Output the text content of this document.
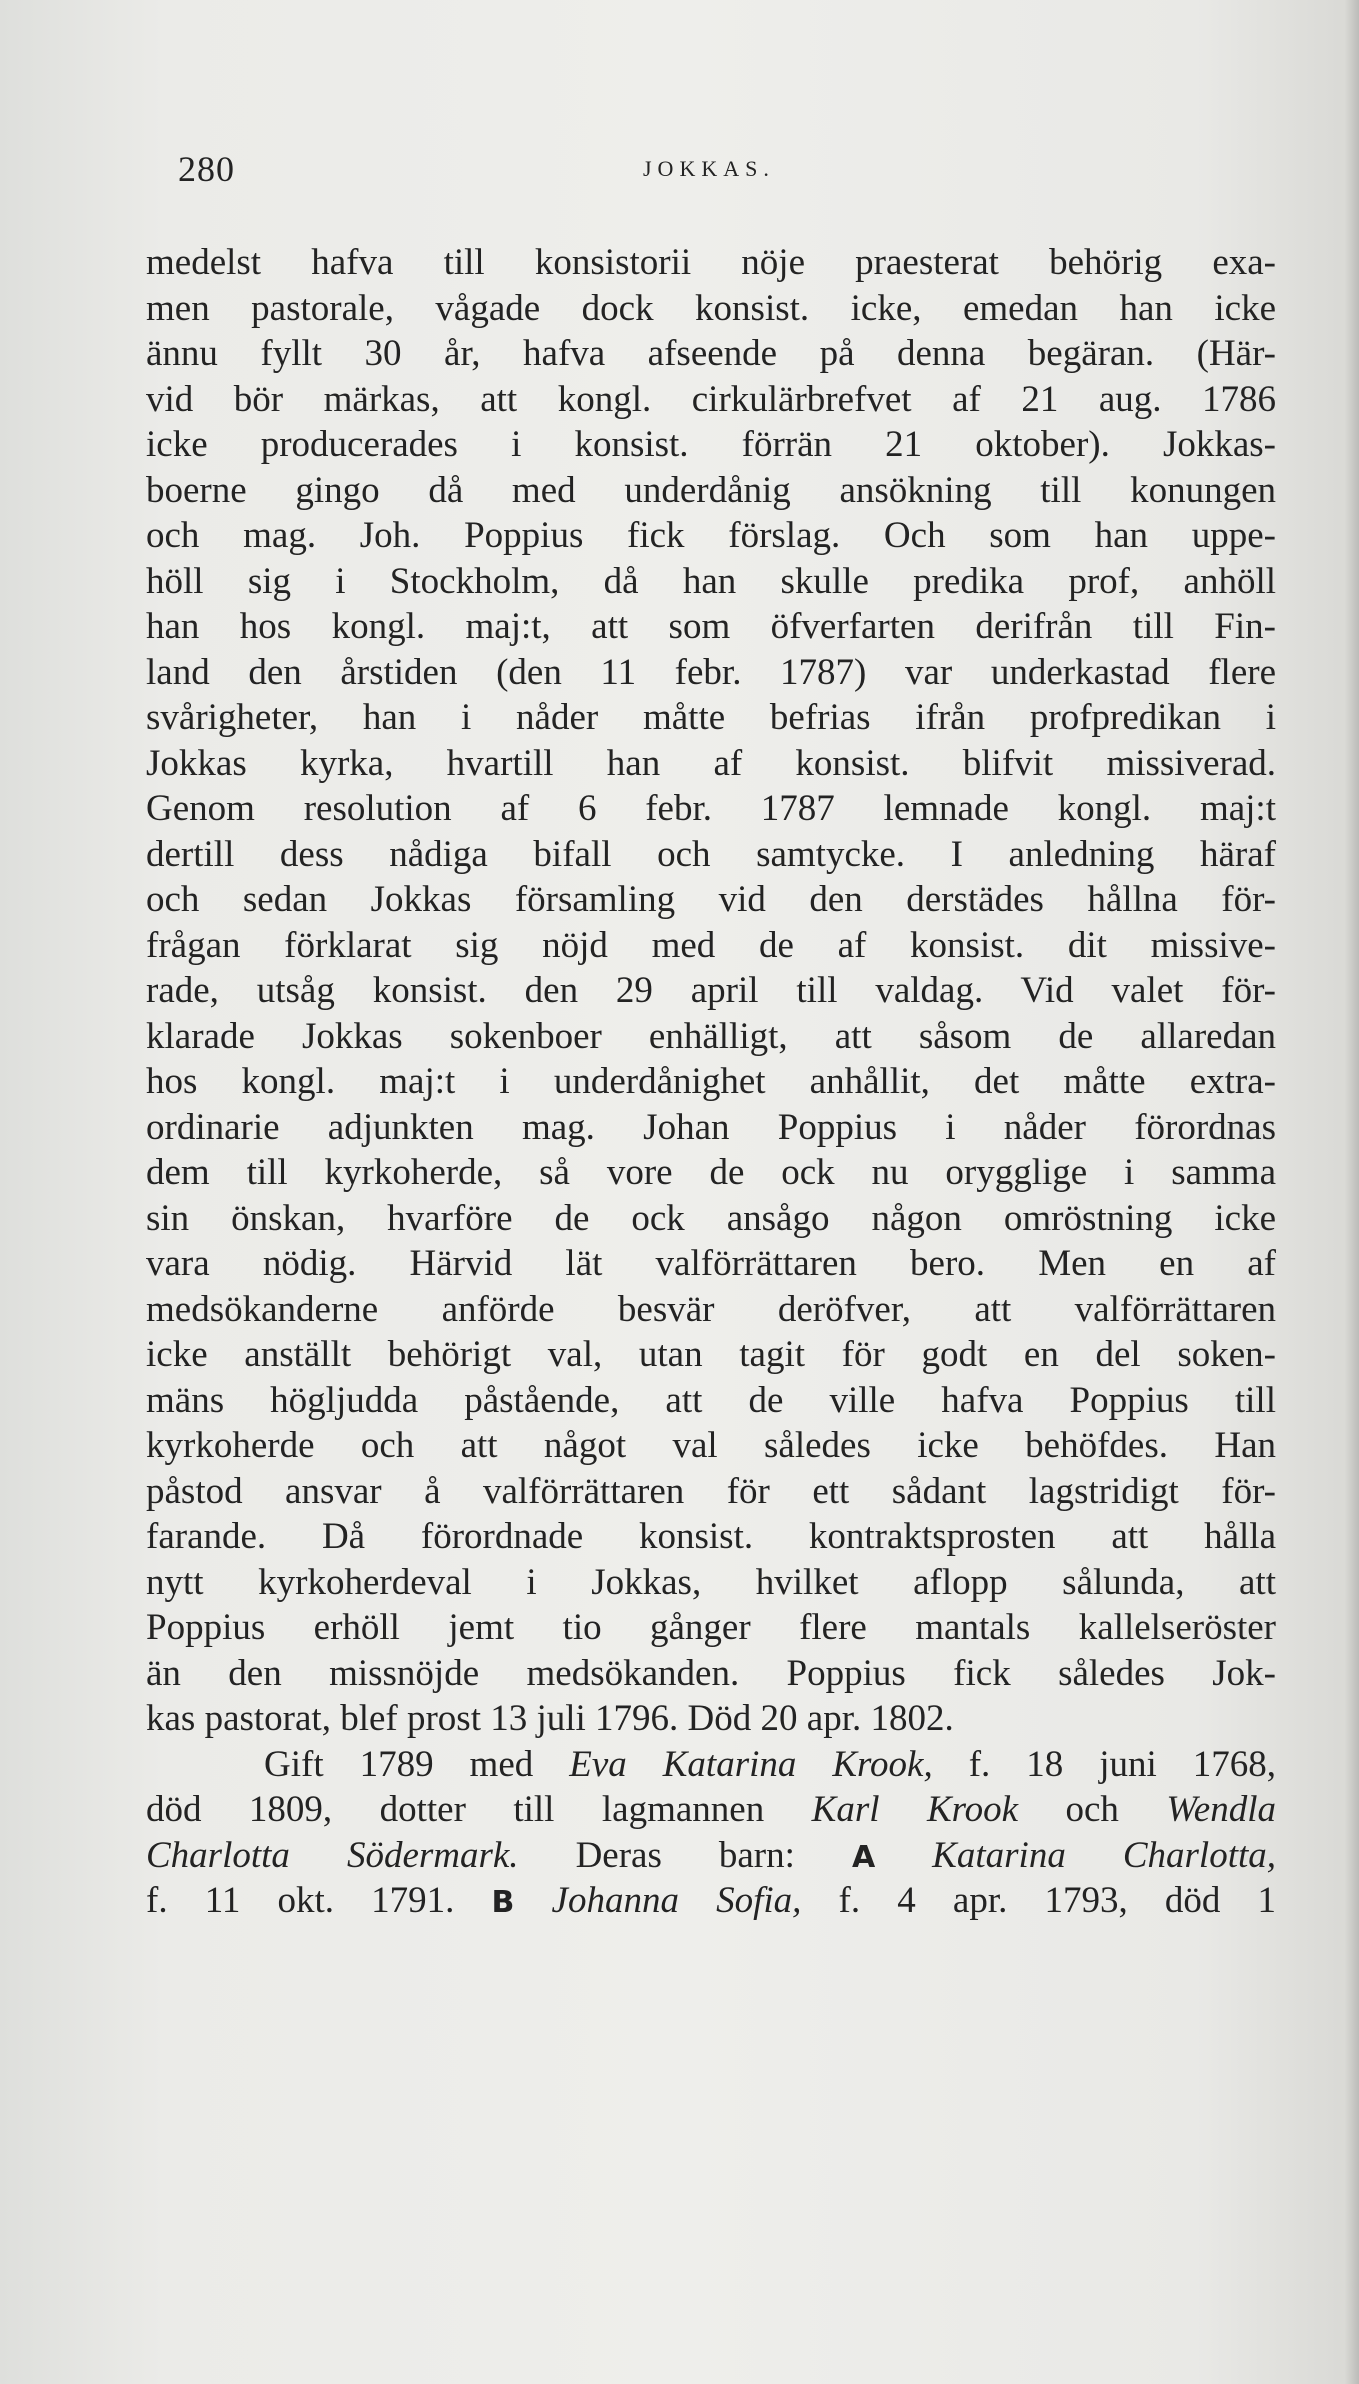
280	JOKKAS.
medelst hafva till konsistorii nöje praesterat behörig exa-
men pastorale, vågade dock konsist. icke, emedan han icke
ännu fyllt 30 år, hafva afseende på denna begäran. (Här-
vid bör märkas, att kongl. cirkulärbrefvet af 21 aug. 1786
icke producerades i konsist. förrän 21 oktober). Jokkas-
boerne gingo då med underdånig ansökning till konungen
och mag. Joh. Poppius fick förslag. Och som han uppe-
höll sig i Stockholm, då han skulle predika prof, anhöll
han hos kongl. maj:t, att som öfverfarten derifrån till Fin-
land den årstiden (den 11 febr. 1787) var underkastad flere
svårigheter, han i nåder måtte befrias ifrån profpredikan i
Jokkas kyrka, hvartill han af konsist. blifvit missiverad.
Genom resolution af 6 febr. 1787 lemnade kongl. maj:t
dertill dess nådiga bifall och samtycke. I anledning häraf
och sedan Jokkas församling vid den derstädes hållna för-
frågan förklarat sig nöjd med de af konsist. dit missive-
rade, utsåg konsist. den 29 april till valdag. Vid valet för-
klarade Jokkas sokenboer enhälligt, att såsom de allaredan
hos kongl. maj:t i underdånighet anhållit, det måtte extra-
ordinarie adjunkten mag. Johan Poppius i nåder förordnas
dem till kyrkoherde, så vore de ock nu oryggligе i samma
sin önskan, hvarföre de ock ansågo någon omröstning icke
vara nödig. Härvid lät valförrättaren bero. Men en af
medsökanderne anförde besvär deröfver, att valförrättaren
icke anställt behörigt val, utan tagit för godt en del soken-
mäns högljudda påstående, att de ville hafva Poppius till
kyrkoherde och att något val således icke behöfdes. Han
påstod ansvar å valförrättaren för ett sådant lagstridigt för-
farande. Då förordnade konsist. kontraktsprosten att hålla
nytt kyrkoherdeval i Jokkas, hvilket aflopp sålunda, att
Poppius erhöll jemt tio gånger flere mantals kallelseröster
än den missnöjde medsökanden. Poppius fick således Jok-
kas pastorat, blef prost 13 juli 1796. Död 20 apr. 1802.
Gift 1789 med Eva Katarina Krook, f. 18 juni 1768,
död 1809, dotter till lagmannen Karl Krook och Wendla
Charlotta Södermark. Deras barn: A Katarina Charlotta,
f. 11 okt. 1791. B Johanna Sofia, f. 4 apr. 1793, död 1
